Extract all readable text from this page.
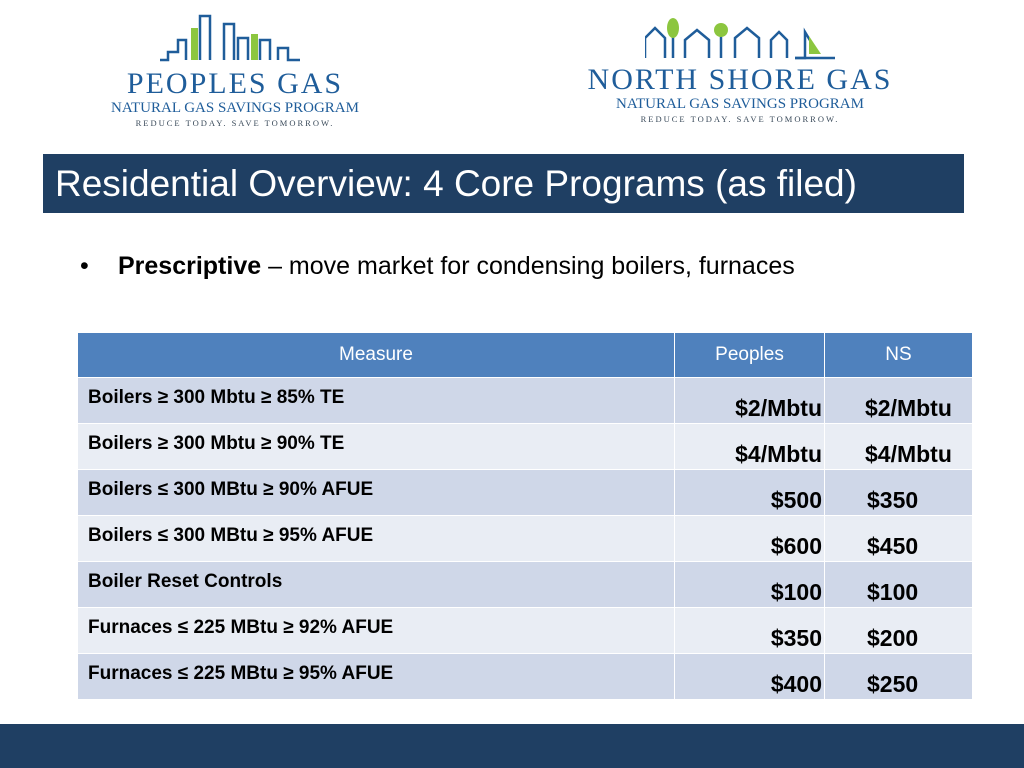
PEOPLES GAS
NATURAL GAS SAVINGS PROGRAM
REDUCE TODAY. SAVE TOMORROW.
NORTH SHORE GAS
NATURAL GAS SAVINGS PROGRAM
REDUCE TODAY. SAVE TOMORROW.
Residential Overview: 4 Core Programs (as filed)
• Prescriptive – move market for condensing boilers, furnaces
Measure	Peoples	NS
Boilers ≥ 300 Mbtu ≥ 85% TE	$2/Mbtu	$2/Mbtu
Boilers ≥ 300 Mbtu ≥ 90% TE	$4/Mbtu	$4/Mbtu
Boilers ≤ 300 MBtu ≥ 90% AFUE	$500	$350
Boilers ≤ 300 MBtu ≥ 95% AFUE	$600	$450
Boiler Reset Controls	$100	$100
Furnaces ≤ 225 MBtu ≥ 92% AFUE	$350	$200
Furnaces ≤ 225 MBtu ≥ 95% AFUE	$400	$250
